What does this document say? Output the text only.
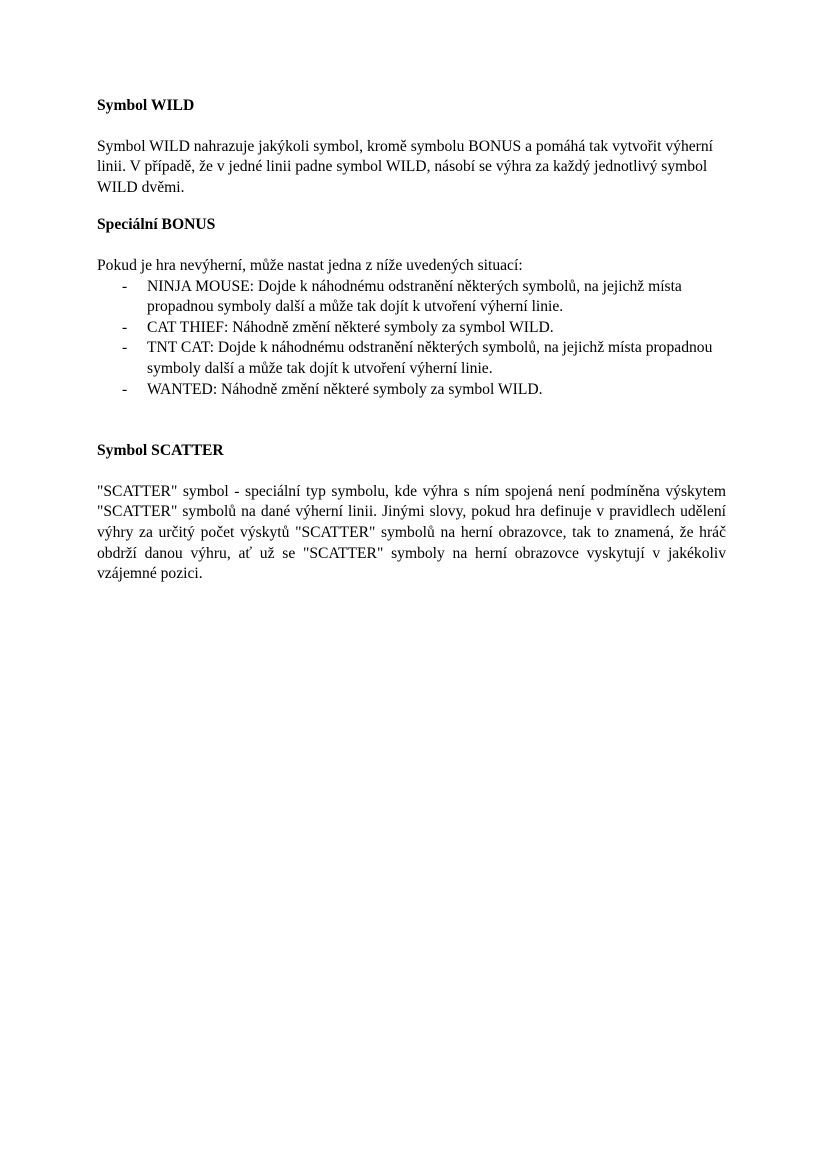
Symbol WILD

Symbol WILD nahrazuje jakýkoli symbol, kromě symbolu BONUS a pomáhá tak vytvořit výherní linii. V případě, že v jedné linii padne symbol WILD, násobí se výhra za každý jednotlivý symbol WILD dvěmi.

Speciální BONUS

Pokud je hra nevýherní, může nastat jedna z níže uvedených situací:

- NINJA MOUSE: Dojde k náhodnému odstranění některých symbolů, na jejichž místa propadnou symboly další a může tak dojít k utvoření výherní linie.
- CAT THIEF: Náhodně změní některé symboly za symbol WILD.
- TNT CAT: Dojde k náhodnému odstranění některých symbolů, na jejichž místa propadnou symboly další a může tak dojít k utvoření výherní linie.
- WANTED: Náhodně změní některé symboly za symbol WILD.
Symbol SCATTER

"SCATTER" symbol - speciální typ symbolu, kde výhra s ním spojená není podmíněna výskytem "SCATTER" symbolů na dané výherní linii. Jinými slovy, pokud hra definuje v pravidlech udělení výhry za určitý počet výskytů "SCATTER" symbolů na herní obrazovce, tak to znamená, že hráč obdrží danou výhru, ať už se "SCATTER" symboly na herní obrazovce vyskytují v jakékoliv vzájemné pozici.
